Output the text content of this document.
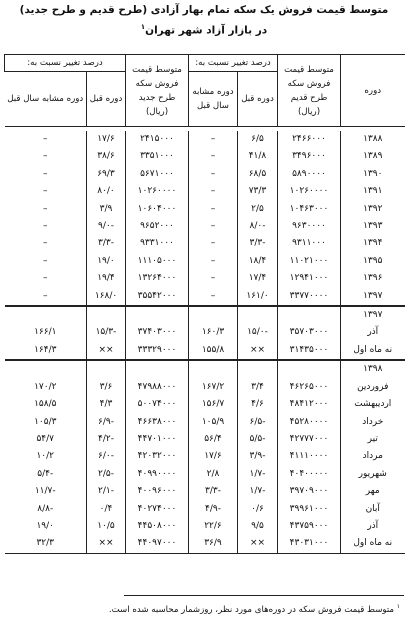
متوسط قیمت فروش یک سکه تمام بهار آزادی (طرح قدیم و طرح جدید)
در بازار آزاد شهر تهران$^۱$
دوره	متوسط قیمت فروش سکه طرح قدیم (ریال)	درصد تغییر نسبت به:		متوسط قیمت فروش سکه طرح جدید (ریال)	درصد تغییر نسبت به:	
		دوره قبل	دوره مشابه سال قبل		دوره قبل	دوره مشابه سال قبل

۱۳۸۸	۲۴۶۶۰۰۰	۶/۵	–	۲۴۱۵۰۰۰	۱۷/۶	–
۱۳۸۹	۳۴۹۶۰۰۰	۴۱/۸	–	۳۳۵۱۰۰۰	۳۸/۶	–
۱۳۹۰	۵۸۹۰۰۰۰	۶۸/۵	–	۵۶۷۱۰۰۰	۶۹/۳	–
۱۳۹۱	۱۰۲۶۰۰۰۰	۷۳/۳	–	۱۰۲۶۰۰۰۰	۸۰/۰	–
۱۳۹۲	۱۰۴۶۳۰۰۰	۲/۵	–	۱۰۶۰۴۰۰۰	۳/۹	–
۱۳۹۳	۹۶۳۰۰۰۰	-۸/۰	–	۹۶۵۲۰۰۰	-۹/۰	–
۱۳۹۴	۹۳۱۱۰۰۰	-۳/۳	–	۹۳۳۱۰۰۰	-۳/۳	–
۱۳۹۵	۱۱۰۲۱۰۰۰	۱۸/۴	–	۱۱۱۰۵۰۰۰	۱۹/۰	–
۱۳۹۶	۱۲۹۴۱۰۰۰	۱۷/۴	–	۱۳۲۶۴۰۰۰	۱۹/۴	–
۱۳۹۷	۳۳۷۷۰۰۰۰	۱۶۱/۰	–	۳۵۵۴۲۰۰۰	۱۶۸/۰	–
۱۳۹۷						
آذر	۳۵۷۰۳۰۰۰	-۱۵/۰	۱۶۰/۳	۳۷۴۰۳۰۰۰	-۱۵/۳	۱۶۶/۱
نه ماه اول	۳۱۴۳۵۰۰۰	××	۱۵۵/۸	۳۳۳۲۹۰۰۰	××	۱۶۴/۳
۱۳۹۸						
فروردین	۴۶۲۶۵۰۰۰	۳/۴	۱۶۷/۲	۴۷۹۸۸۰۰۰	۳/۶	۱۷۰/۲
اردیبهشت	۴۸۴۱۲۰۰۰	۴/۶	۱۵۶/۷	۵۰۰۷۴۰۰۰	۴/۳	۱۵۸/۵
خرداد	۴۵۲۸۰۰۰۰	-۶/۵	۱۰۵/۹	۴۶۶۳۸۰۰۰	-۶/۹	۱۰۵/۳
تیر	۴۲۷۷۷۰۰۰	-۵/۵	۵۶/۴	۴۴۷۰۱۰۰۰	-۴/۲	۵۴/۷
مرداد	۴۱۱۱۰۰۰۰	-۳/۹	۱۷/۶	۴۲۰۳۲۰۰۰	-۶/۰	۱۰/۲
شهریور	۴۰۴۰۰۰۰۰	-۱/۷	۲/۸	۴۰۹۹۰۰۰۰	-۲/۵	-۵/۴
مهر	۳۹۷۰۹۰۰۰	-۱/۷	-۳/۳	۴۰۰۹۶۰۰۰	-۲/۱	-۱۱/۷
آبان	۳۹۹۶۱۰۰۰	۰/۶	-۴/۹	۴۰۲۷۴۰۰۰	۰/۴	-۸/۸
آذر	۴۳۷۵۹۰۰۰	۹/۵	۲۲/۶	۴۴۵۰۸۰۰۰	۱۰/۵	۱۹/۰
نه ماه اول	۴۳۰۳۱۰۰۰	××	۳۶/۹	۴۴۰۹۷۰۰۰	××	۳۲/۳
$^۱$ متوسط قیمت فروش سکه در دوره‌های مورد نظر، روزشمار محاسبه شده است.
